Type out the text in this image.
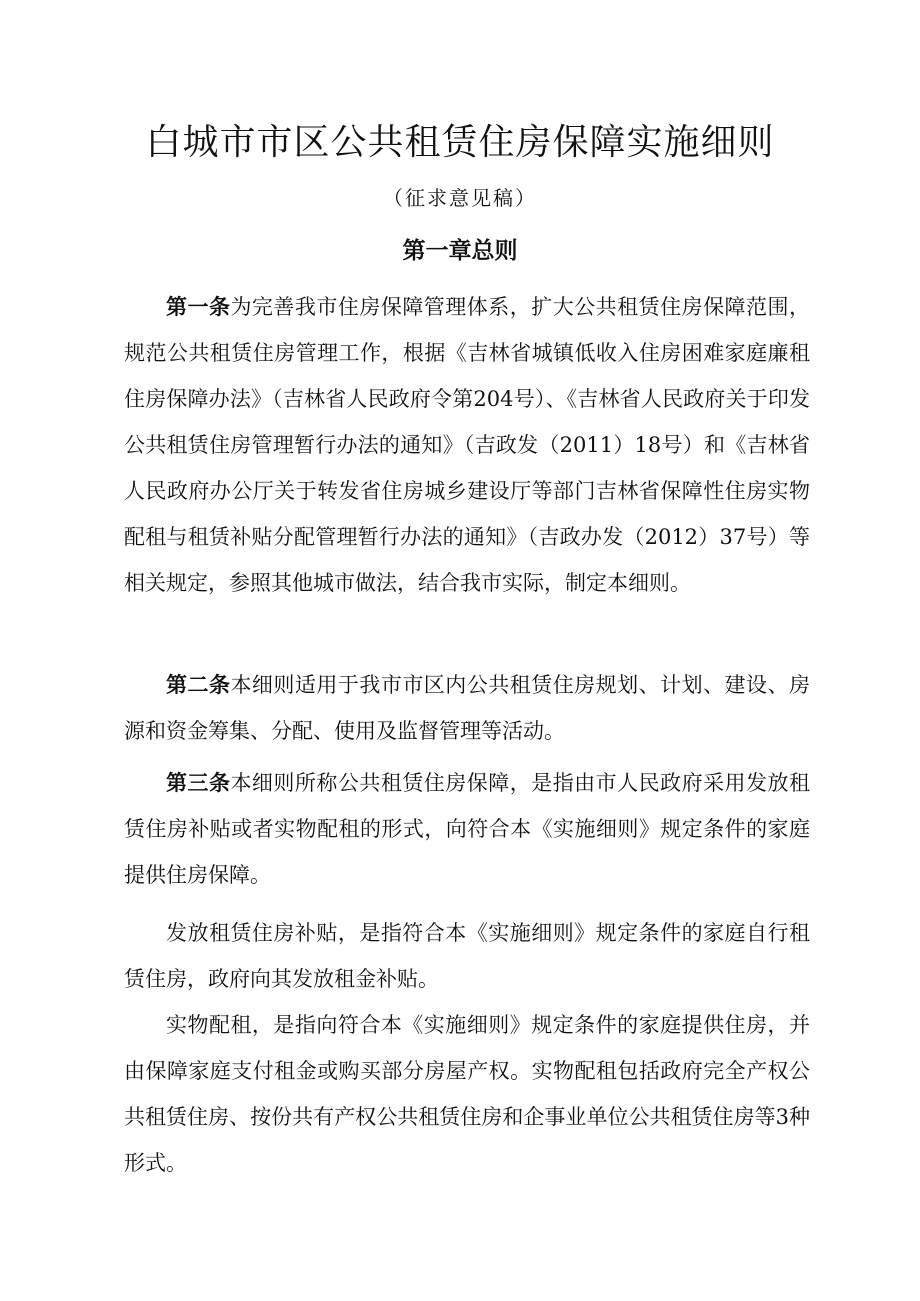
白城市市区公共租赁住房保障实施细则
（征求意见稿）
第一章总则

第一条为完善我市住房保障管理体系，扩大公共租赁住房保障范围，规范公共租赁住房管理工作，根据《吉林省城镇低收入住房困难家庭廉租住房保障办法》（吉林省人民政府令第204号）、《吉林省人民政府关于印发公共租赁住房管理暂行办法的通知》（吉政发（2011）18号）和《吉林省人民政府办公厅关于转发省住房城乡建设厅等部门吉林省保障性住房实物配租与租赁补贴分配管理暂行办法的通知》（吉政办发（2012）37号）等相关规定，参照其他城市做法，结合我市实际，制定本细则。

第二条本细则适用于我市市区内公共租赁住房规划、计划、建设、房源和资金筹集、分配、使用及监督管理等活动。

第三条本细则所称公共租赁住房保障，是指由市人民政府采用发放租赁住房补贴或者实物配租的形式，向符合本《实施细则》规定条件的家庭提供住房保障。

发放租赁住房补贴，是指符合本《实施细则》规定条件的家庭自行租赁住房，政府向其发放租金补贴。

实物配租，是指向符合本《实施细则》规定条件的家庭提供住房，并由保障家庭支付租金或购买部分房屋产权。实物配租包括政府完全产权公共租赁住房、按份共有产权公共租赁住房和企事业单位公共租赁住房等3种形式。
